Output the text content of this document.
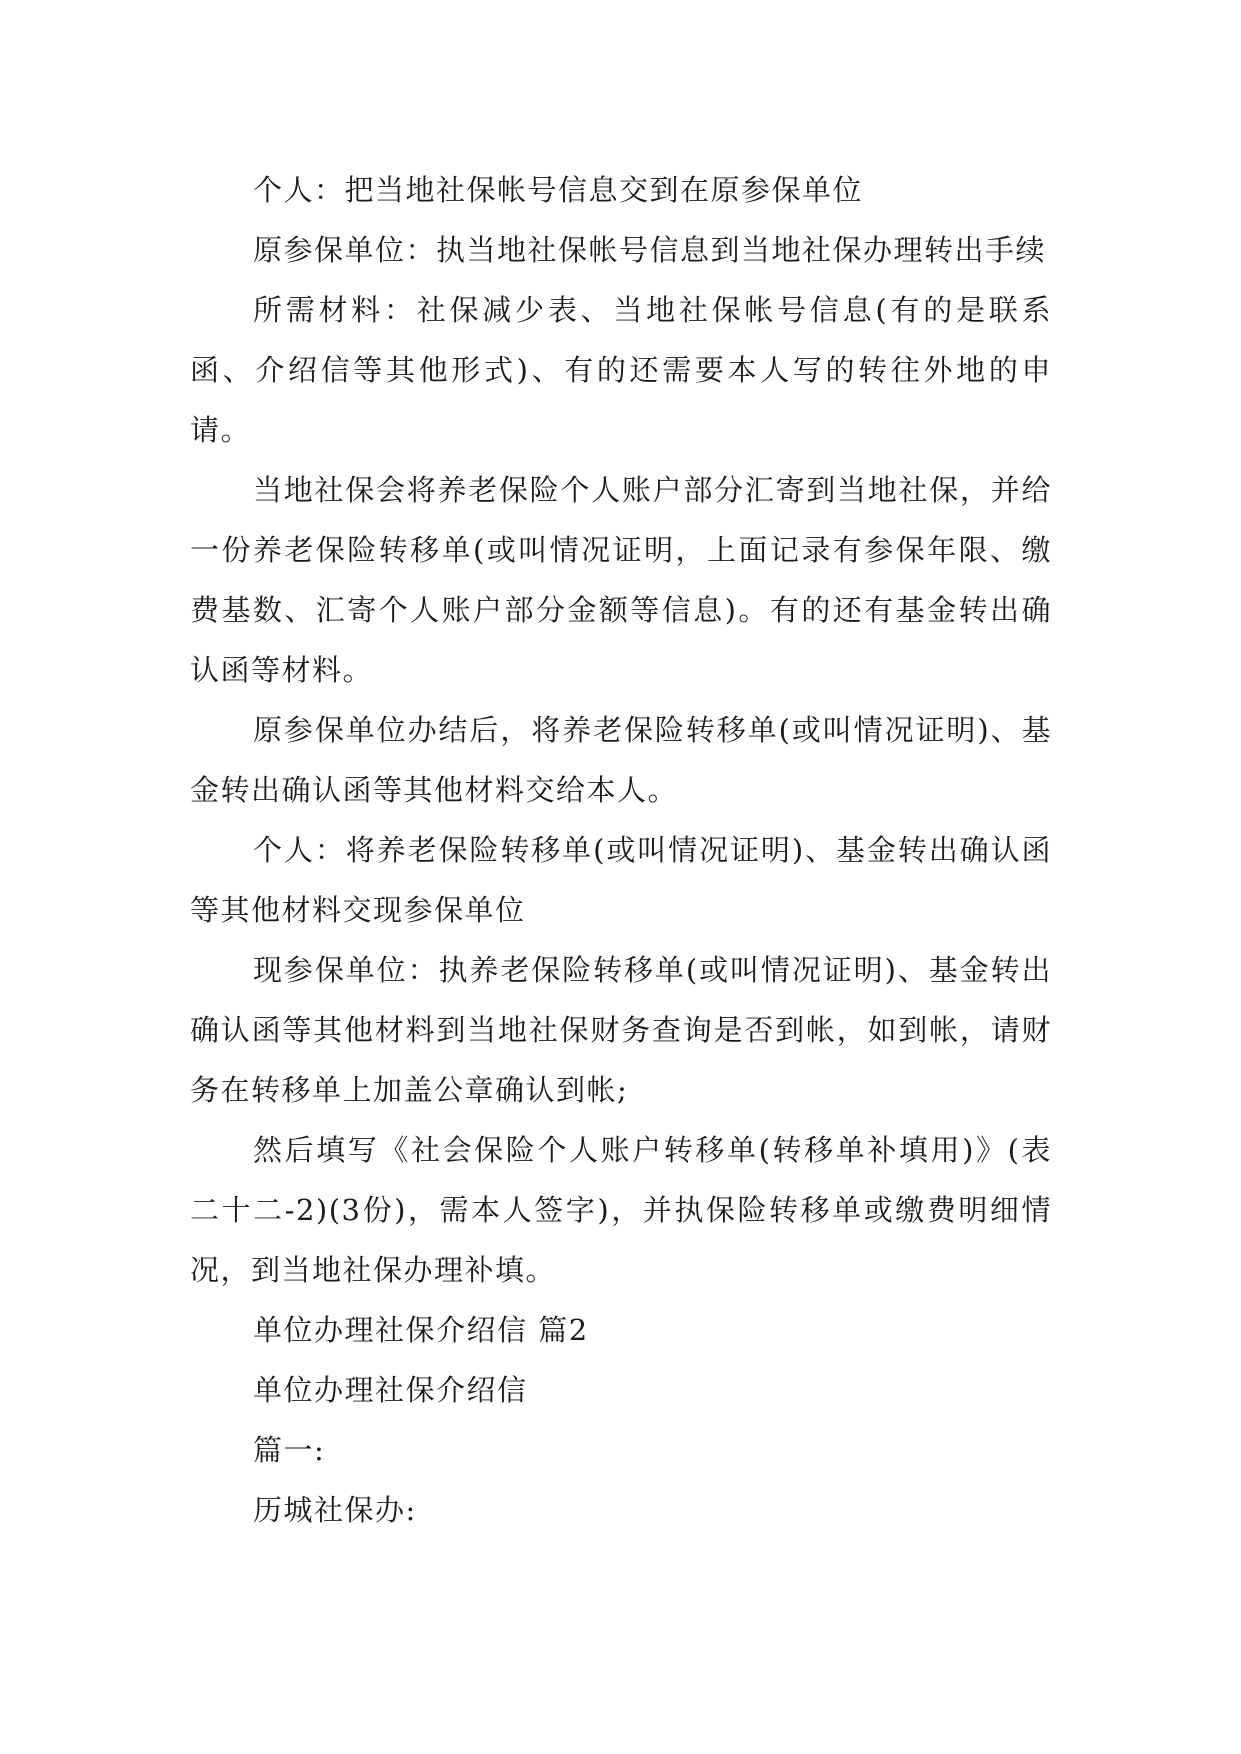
个人：把当地社保帐号信息交到在原参保单位

原参保单位：执当地社保帐号信息到当地社保办理转出手续

所需材料：社保减少表、当地社保帐号信息(有的是联系函、介绍信等其他形式)、有的还需要本人写的转往外地的申请。

当地社保会将养老保险个人账户部分汇寄到当地社保，并给一份养老保险转移单(或叫情况证明，上面记录有参保年限、缴费基数、汇寄个人账户部分金额等信息)。有的还有基金转出确认函等材料。

原参保单位办结后，将养老保险转移单(或叫情况证明)、基金转出确认函等其他材料交给本人。

个人：将养老保险转移单(或叫情况证明)、基金转出确认函等其他材料交现参保单位

现参保单位：执养老保险转移单(或叫情况证明)、基金转出确认函等其他材料到当地社保财务查询是否到帐，如到帐，请财务在转移单上加盖公章确认到帐;

然后填写《社会保险个人账户转移单(转移单补填用)》(表二十二-2)(3份)，需本人签字)，并执保险转移单或缴费明细情况，到当地社保办理补填。

单位办理社保介绍信 篇2

单位办理社保介绍信

篇一:

历城社保办:
